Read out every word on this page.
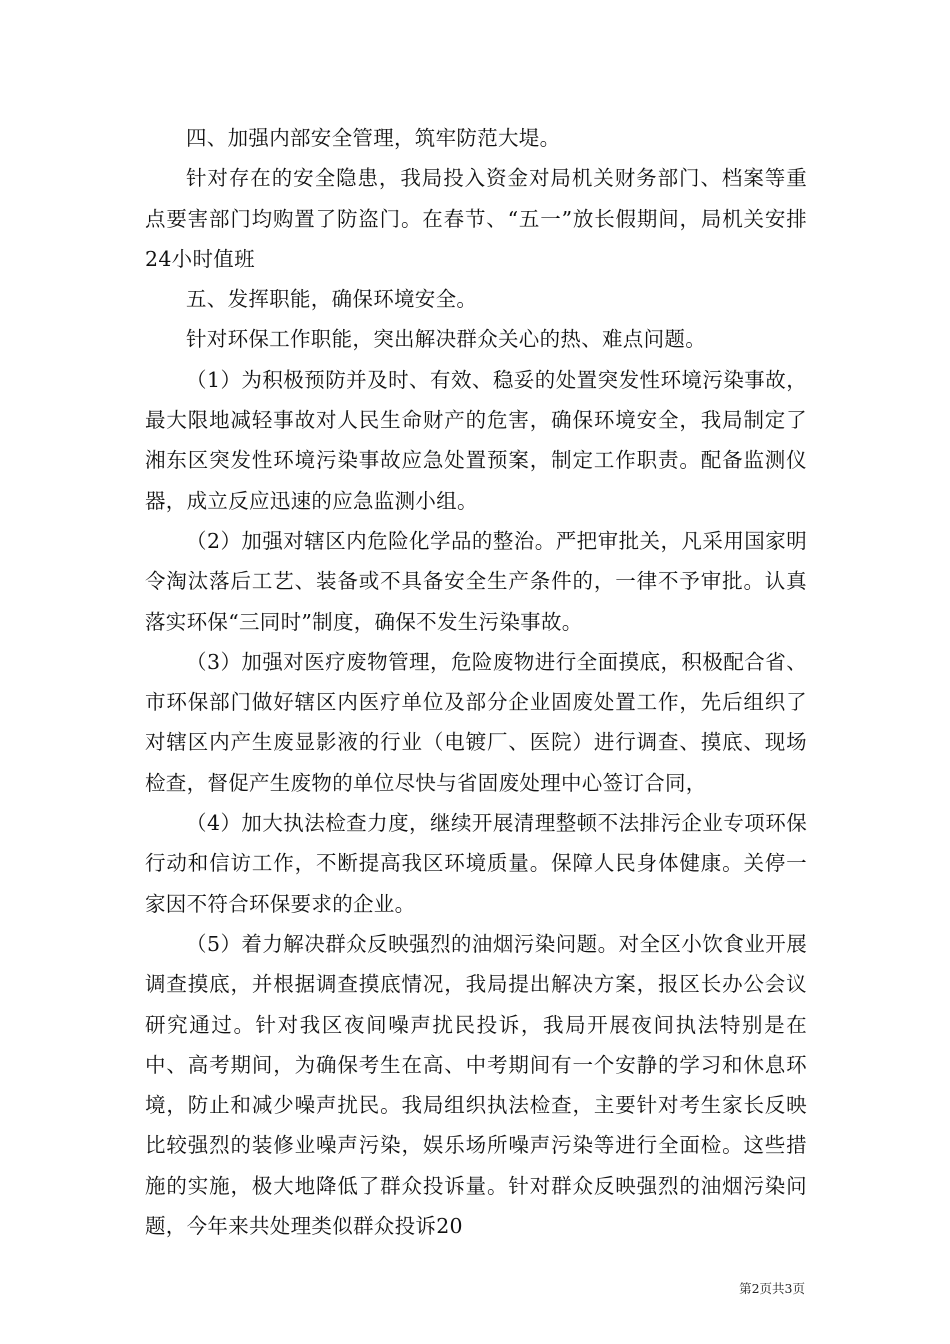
四、加强内部安全管理，筑牢防范大堤。

针对存在的安全隐患，我局投入资金对局机关财务部门、档案等重点要害部门均购置了防盗门。在春节、“五一”放长假期间，局机关安排24小时值班

五、发挥职能，确保环境安全。

针对环保工作职能，突出解决群众关心的热、难点问题。

（1）为积极预防并及时、有效、稳妥的处置突发性环境污染事故，最大限地减轻事故对人民生命财产的危害，确保环境安全，我局制定了湘东区突发性环境污染事故应急处置预案，制定工作职责。配备监测仪器，成立反应迅速的应急监测小组。

（2）加强对辖区内危险化学品的整治。严把审批关，凡采用国家明令淘汰落后工艺、装备或不具备安全生产条件的，一律不予审批。认真落实环保“三同时”制度，确保不发生污染事故。

（3）加强对医疗废物管理，危险废物进行全面摸底，积极配合省、市环保部门做好辖区内医疗单位及部分企业固废处置工作，先后组织了对辖区内产生废显影液的行业（电镀厂、医院）进行调查、摸底、现场检查，督促产生废物的单位尽快与省固废处理中心签订合同，

（4）加大执法检查力度，继续开展清理整顿不法排污企业专项环保行动和信访工作，不断提高我区环境质量。保障人民身体健康。关停一家因不符合环保要求的企业。

（5）着力解决群众反映强烈的油烟污染问题。对全区小饮食业开展调查摸底，并根据调查摸底情况，我局提出解决方案，报区长办公会议研究通过。针对我区夜间噪声扰民投诉，我局开展夜间执法特别是在中、高考期间，为确保考生在高、中考期间有一个安静的学习和休息环境，防止和减少噪声扰民。我局组织执法检查，主要针对考生家长反映比较强烈的装修业噪声污染，娱乐场所噪声污染等进行全面检。这些措施的实施，极大地降低了群众投诉量。针对群众反映强烈的油烟污染问题，今年来共处理类似群众投诉20

第2页共3页
